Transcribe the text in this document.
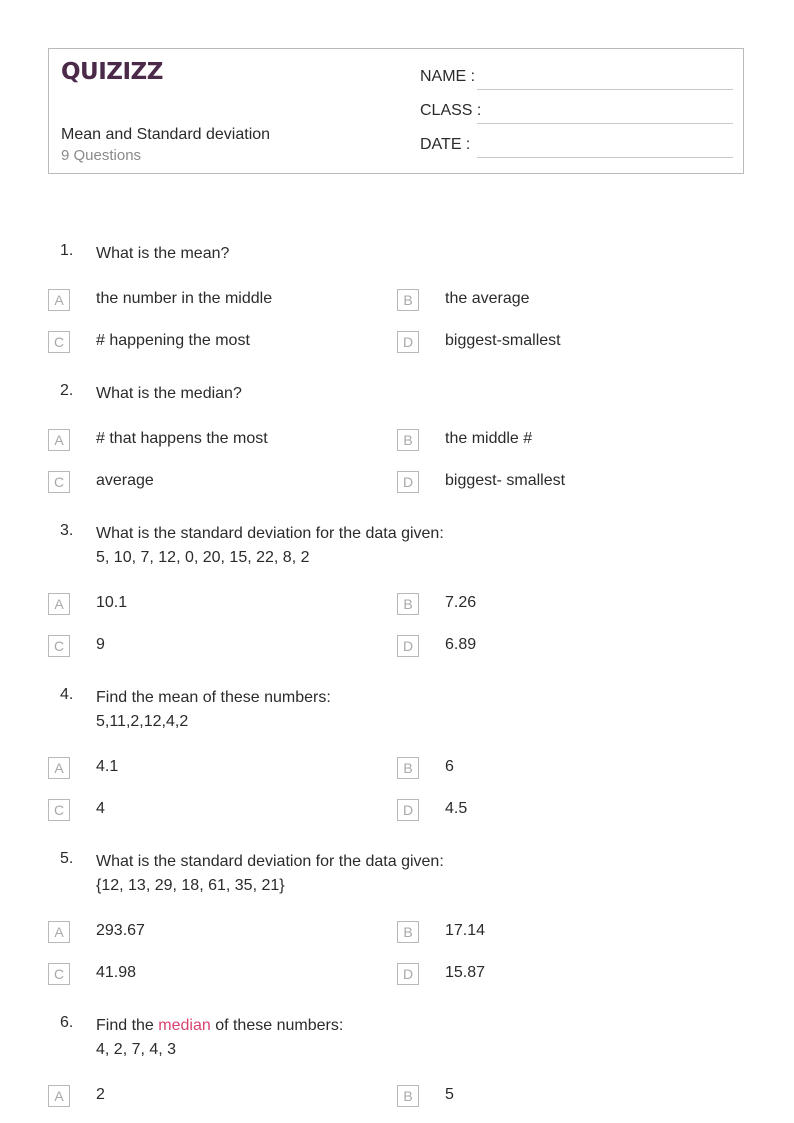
QUIZIZZ
Mean and Standard deviation
9 Questions
NAME :
CLASS :
DATE :
1. What is the mean?
A	the number in the middle	B	the average
C	# happening the most	D	biggest-smallest
2. What is the median?
A	# that happens the most	B	the middle #
C	average	D	biggest- smallest
3. What is the standard deviation for the data given:
5, 10, 7, 12, 0, 20, 15, 22, 8, 2
A	10.1	B	7.26
C	9	D	6.89
4. Find the mean of these numbers:
5,11,2,12,4,2
A	4.1	B	6
C	4	D	4.5
5. What is the standard deviation for the data given:
{12, 13, 29, 18, 61, 35, 21}
A	293.67	B	17.14
C	41.98	D	15.87
6. Find the median of these numbers:
4, 2, 7, 4, 3
A	2	B	5
